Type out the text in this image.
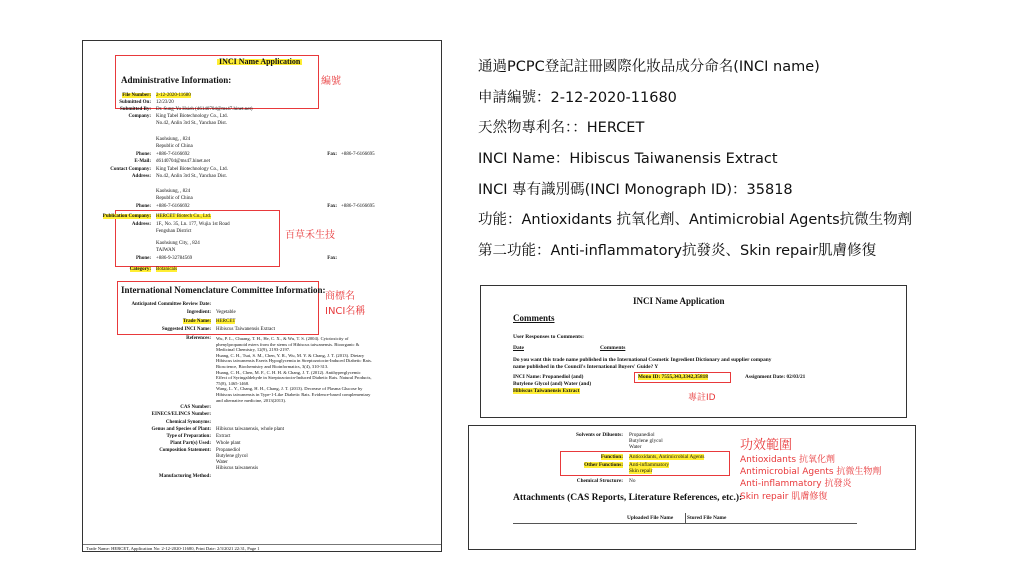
INCI Name Application
編號
Administrative Information:
File Number: 2-12-2020-11680
Submitted On: 12/23/20
Submitted By: Dr. Sung-Yu Hsieh (d6140704@ms47.hinet.net)
Company: King Tabel Biotechnology Co., Ltd.
No.42, Anlin 3rd St., Yanchao Dist.
Kaohsiung, , 824
Republic of China
Phone: +886-7-6166692	Fax: +886-7-6166695
E-Mail: d6140704@ms47.hinet.net
Contact Company: King Tabel Biotechnology Co., Ltd.
Address: No.42, Anlin 3rd St., Yanchao Dist.
Kaohsiung, , 824
Republic of China
Phone: +886-7-6166692	Fax: +886-7-6166695
百草禾生技
Publication Company: HERCET Biotech Co., Ltd.
Address: 1F., No. 35, Ln. 177, Wujia 1st Road
Fengshan District
Kaohsiung City, , 824
TAIWAN
Phone: +886-9-32784569	Fax:
Category: Botanicals
International Nomenclature Committee Information:
商標名
INCI名稱
Anticipated Committee Review Date:
Ingredient: Vegetable
Trade Name: HERCET
Suggested INCI Name: Hibiscus Taiwanensis Extract
References: Wu, P. L., Chuang, T. H., He, C. X., & Wu, T. S. (2004). Cytotoxicity of
phenylpropanoid esters from the stems of Hibiscus taiwanensis. Bioorganic &
Medicinal Chemistry, 12(9), 2193-2197.
Huang, C. H., Tsai, S. M., Chen, Y. R., Wu, M. Y. & Chang, J. T. (2013). Dietary
Hibiscus taiwanensis Exerts Hypoglycemia in Streptozotocin-Induced Diabetic Rats.
Bioscience, Biochemistry and Bioinformatics, 3(4), 310-313.
Huang, C. H., Chen, M. F., C. H. H. & Chang, J. T. (2012). Antihyperglycemic
Effect of Syringaldehyde in Streptozotocin-Induced Diabetic Rats. Natural Products,
75(8), 1465-1468.
Wang, L. Y., Chang, H. H., Chang, J. T. (2013). Decrease of Plasma Glucose by
Hibiscus taiwanensis in Type-1-Like Diabetic Rats. Evidence-based complementary
and alternative medicine, 2013(2013).
CAS Number:
EINECS/ELINCS Number:
Chemical Synonyms:
Genus and Species of Plant: Hibiscus taiwanensis, whole plant
Type of Preparation: Extract
Plant Part(s) Used: Whole plant
Composition Statement: Propanediol
Butylene glycol
Water
Hibiscus taiwanensis
Manufacturing Method:
Trade Name: HERCET, Application No: 2-12-2020-11680, Print Date: 2/3/2021 22:31, Page 1
通過PCPC登記註冊國際化妝品成分命名(INCI name)
申請編號：2-12-2020-11680
天然物專利名：：HERCET
INCI Name：Hibiscus Taiwanensis Extract
INCI 專有識別碼(INCI Monograph ID)：35818
功能：Antioxidants 抗氧化劑、Antimicrobial Agents抗微生物劑
第二功能：Anti-inflammatory抗發炎、Skin repair肌膚修復
INCI Name Application
Comments
User Responses to Comments:
Date	Comments
Do you want this trade name published in the International Cosmetic Ingredient Dictionary and supplier company
name published in the Council's International Buyers' Guide? Y
INCI Name: Propanediol (and)
Butylene Glycol (and) Water (and)
Hibiscus Taiwanensis Extract
Mono ID: 7555,343,3342,35818	Assignment Date: 02/03/21
專註ID
Solvents or Diluents: Propanediol
Butylene glycol
Water
Function: Antioxidants, Antimicrobial Agents
Other Functions: Anti-inflammatory
Skin repair
Chemical Structure: No
Attachments (CAS Reports, Literature References, etc.):
Uploaded File Name	Stored File Name
功效範圍
Antioxidants 抗氧化劑
Antimicrobial Agents 抗微生物劑
Anti-inflammatory 抗發炎
Skin repair 肌膚修復
